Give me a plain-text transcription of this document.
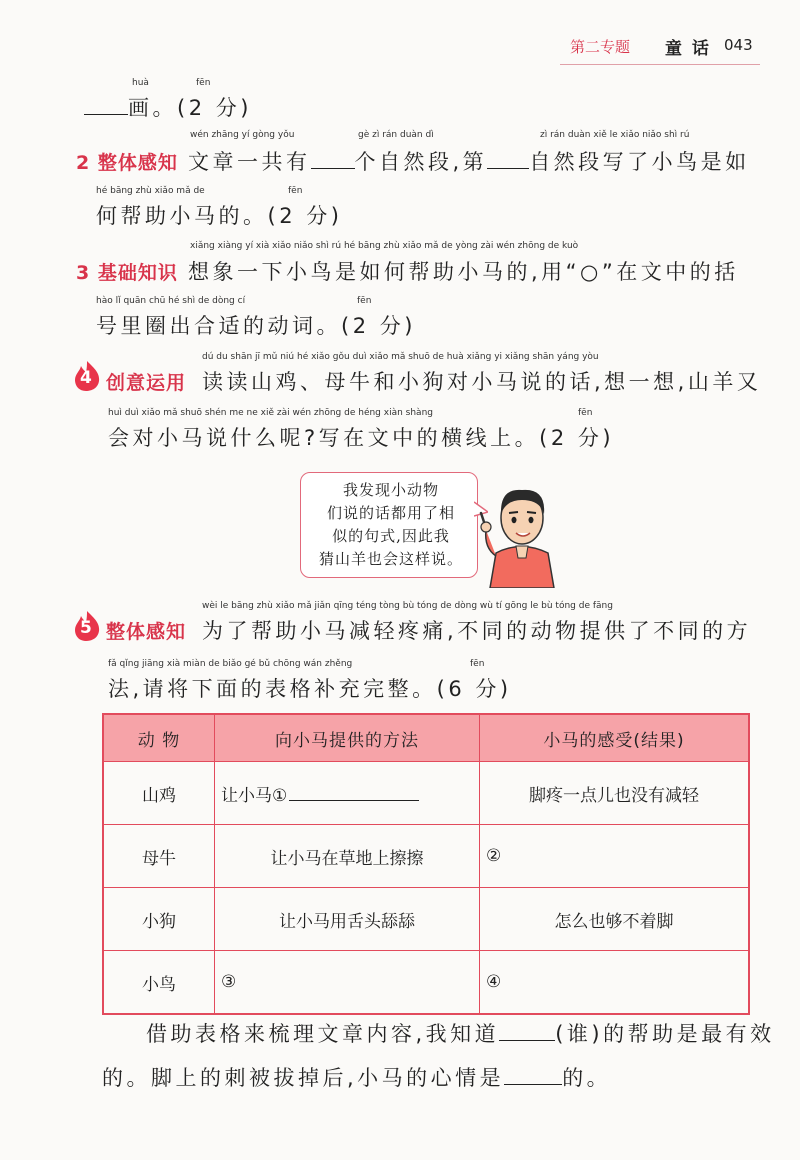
第二专题 童 话 043
huà	fēn
画。(2 分)
wén zhāng yí gòng yǒu	gè zì rán duàn dì	zì rán duàn xiě le xiǎo niǎo shì rú
2 整体感知 文章一共有 个自然段,第 自然段写了小鸟是如
hé bāng zhù xiǎo mǎ de	fēn
何帮助小马的。(2 分)
xiǎng xiàng yí xià xiǎo niǎo shì rú hé bāng zhù xiǎo mǎ de yòng zài wén zhōng de kuò
3 基础知识 想象一下小鸟是如何帮助小马的,用“○”在文中的括
hào lǐ quān chū hé shì de dòng cí	fēn
号里圈出合适的动词。(2 分)
4
dú du shān jī mǔ niú hé xiǎo gǒu duì xiǎo mǎ shuō de huà xiǎng yi xiǎng shān yáng yòu
创意运用 读读山鸡、母牛和小狗对小马说的话,想一想,山羊又
huì duì xiǎo mǎ shuō shén me ne xiě zài wén zhōng de héng xiàn shàng	fēn
会对小马说什么呢?写在文中的横线上。(2 分)
我发现小动物
们说的话都用了相
似的句式,因此我
猜山羊也会这样说。
5
wèi le bāng zhù xiǎo mǎ jiǎn qīng téng tòng bù tóng de dòng wù tí gōng le bù tóng de fāng
整体感知 为了帮助小马减轻疼痛,不同的动物提供了不同的方
fǎ qǐng jiāng xià miàn de biǎo gé bǔ chōng wán zhěng	fēn
法,请将下面的表格补充完整。(6 分)
动 物	向小马提供的方法	小马的感受(结果)
山鸡	让小马①	脚疼一点儿也没有减轻
母牛	让小马在草地上擦擦	②
小狗	让小马用舌头舔舔	怎么也够不着脚
小鸟	③	④
借助表格来梳理文章内容,我知道	(谁)的帮助是最有效
的。脚上的刺被拔掉后,小马的心情是	的。
